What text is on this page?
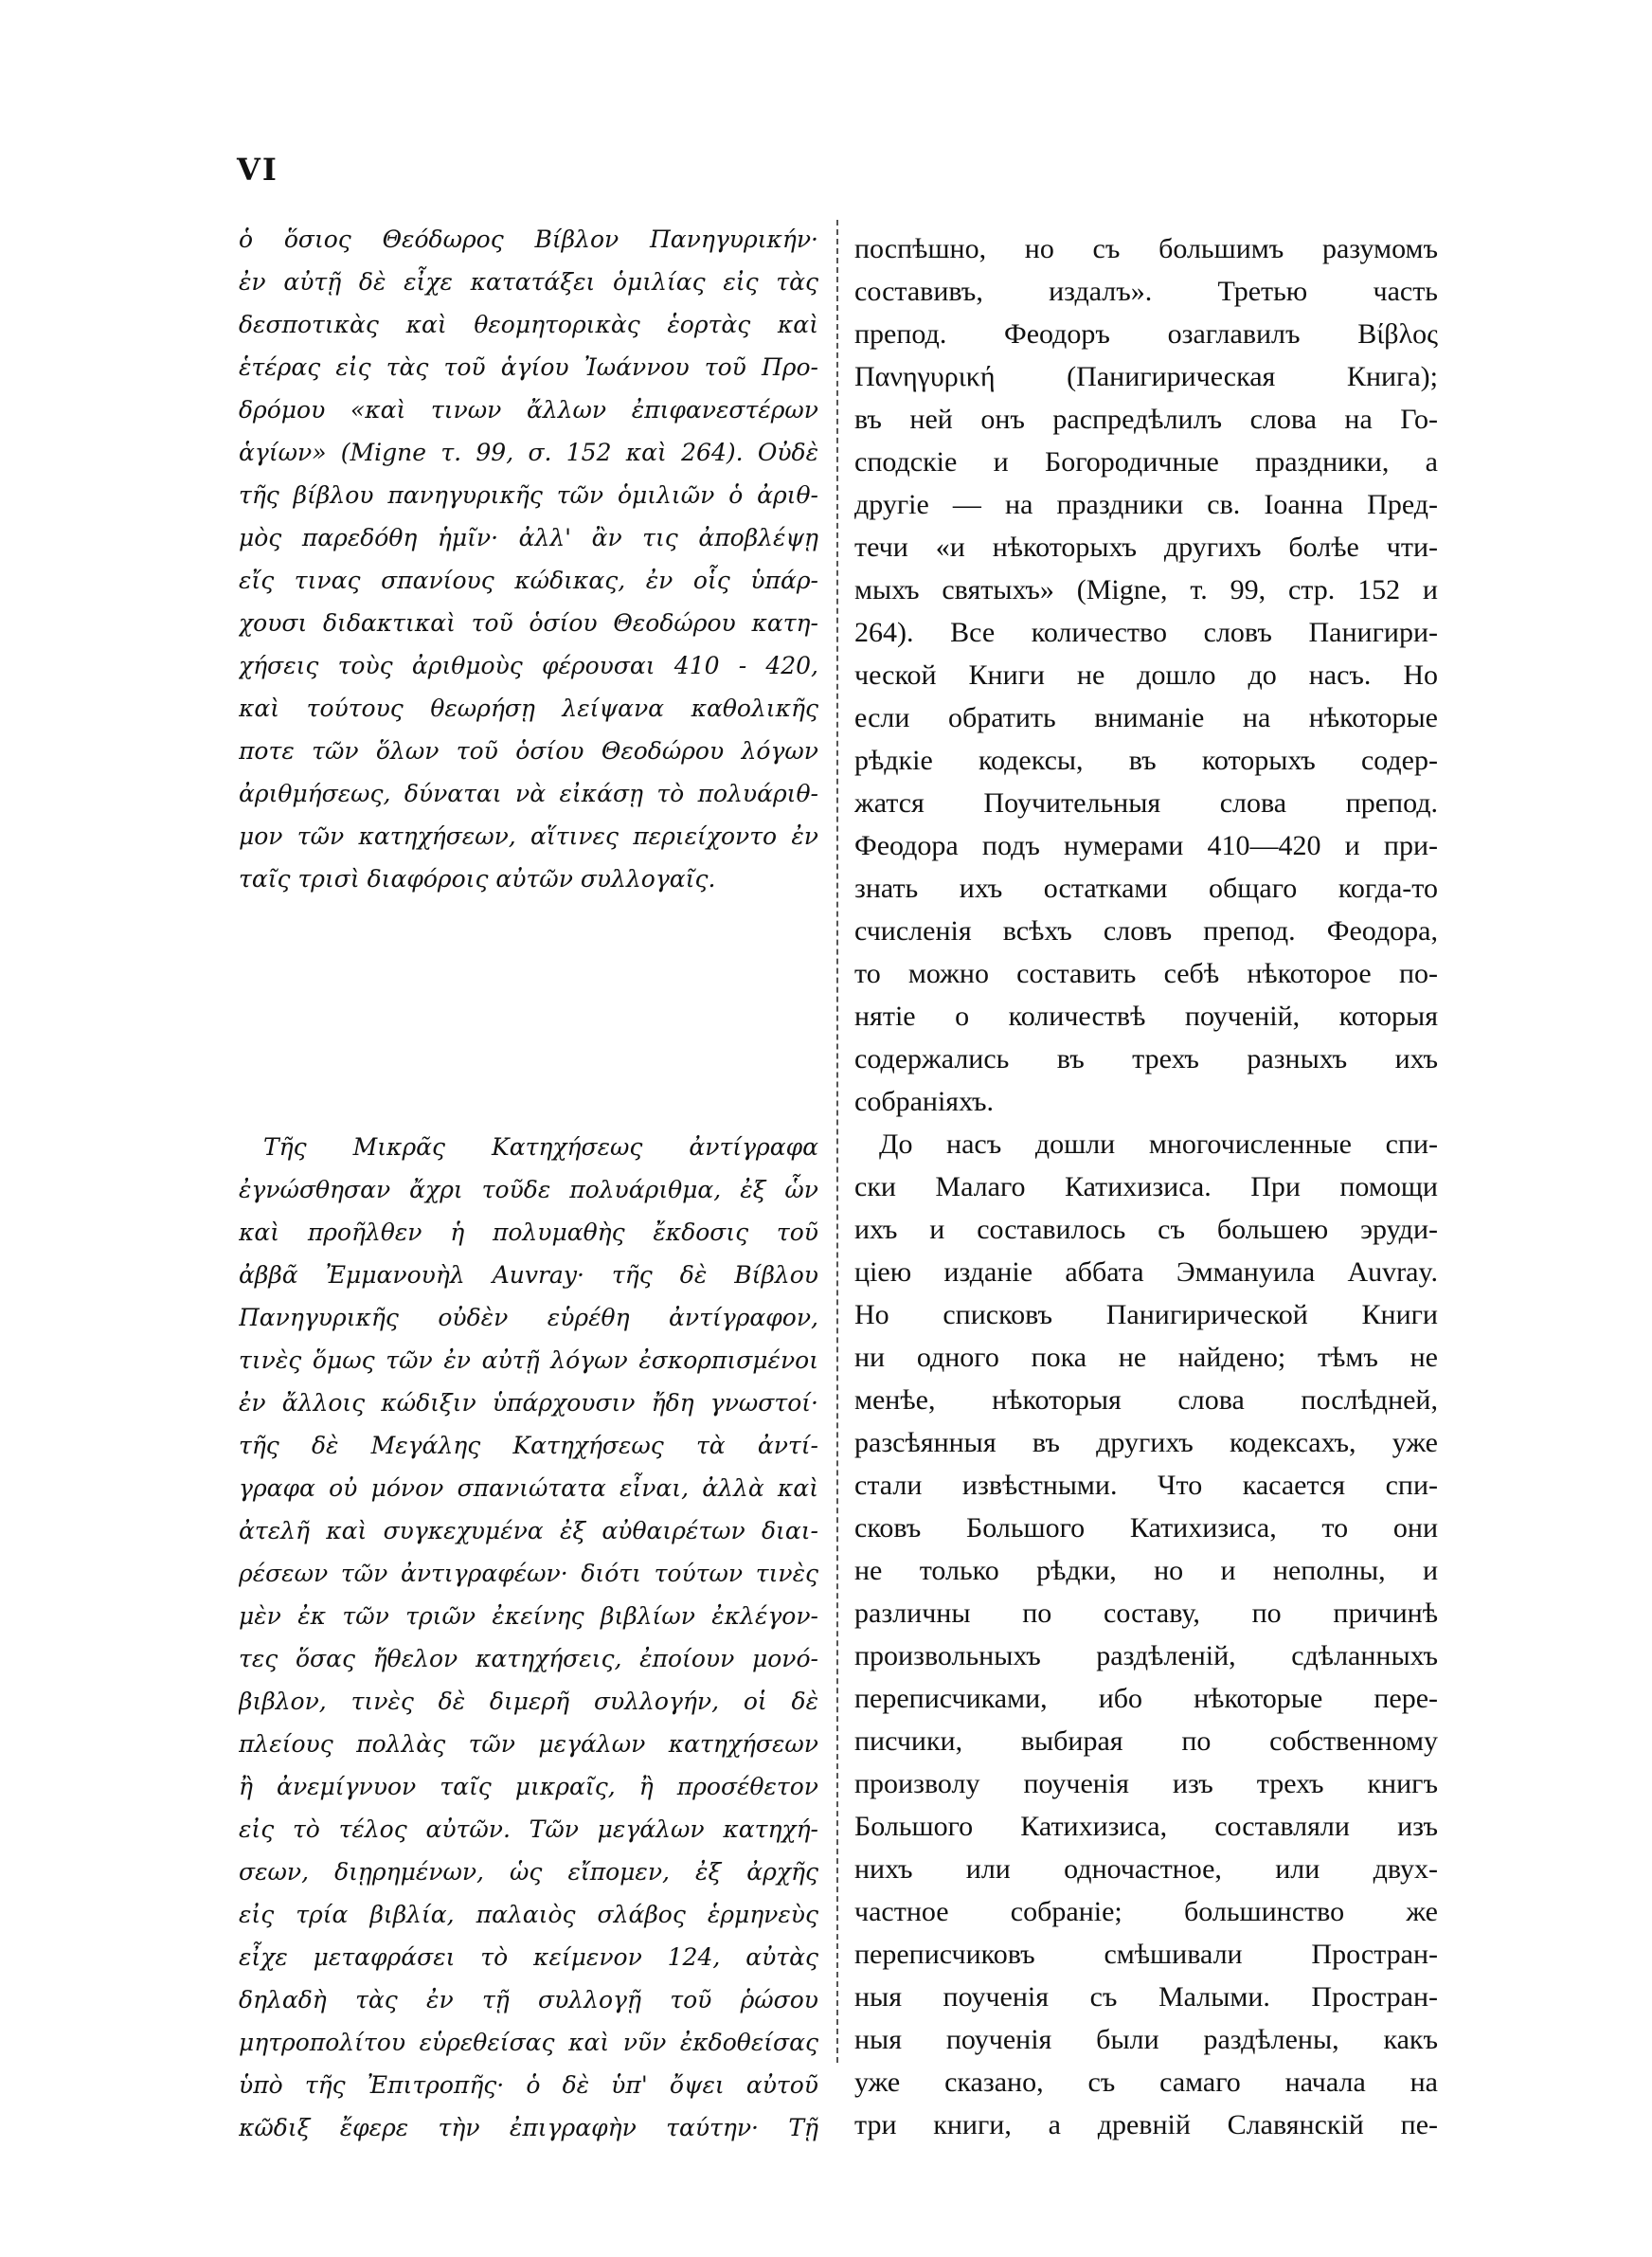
VI
ὁ ὅσιος Θεόδωρος Βίβλον Πανηγυρικήν·
ἐν αὐτῇ δὲ εἶχε κατατάξει ὁμιλίας εἰς τὰς
δεσποτικὰς καὶ θεομητορικὰς ἑορτὰς καὶ
ἑτέρας εἰς τὰς τοῦ ἁγίου Ἰωάννου τοῦ Προ-
δρόμου «καὶ τινων ἄλλων ἐπιφανεστέρων
ἁγίων» (Migne τ. 99, σ. 152 καὶ 264). Οὐδὲ
τῆς βίβλου πανηγυρικῆς τῶν ὁμιλιῶν ὁ ἀριθ-
μὸς παρεδόθη ἡμῖν· ἀλλ' ἂν τις ἀποβλέψῃ
εἴς τινας σπανίους κώδικας, ἐν οἷς ὑπάρ-
χουσι διδακτικαὶ τοῦ ὁσίου Θεοδώρου κατη-
χήσεις τοὺς ἀριθμοὺς φέρουσαι 410 - 420,
καὶ τούτους θεωρήσῃ λείψανα καθολικῆς
ποτε τῶν ὅλων τοῦ ὁσίου Θεοδώρου λόγων
ἀριθμήσεως, δύναται νὰ εἰκάσῃ τὸ πολυάριθ-
μον τῶν κατηχήσεων, αἵτινες περιείχοντο ἐν
ταῖς τρισὶ διαφόροις αὐτῶν συλλογαῖς.
Τῆς Μικρᾶς Κατηχήσεως ἀντίγραφα
ἐγνώσθησαν ἄχρι τοῦδε πολυάριθμα, ἐξ ὧν
καὶ προῆλθεν ἡ πολυμαθὴς ἔκδοσις τοῦ
ἀββᾶ Ἐμμανουὴλ Auvray· τῆς δὲ Βίβλου
Πανηγυρικῆς οὐδὲν εὑρέθη ἀντίγραφον,
τινὲς ὅμως τῶν ἐν αὐτῇ λόγων ἐσκορπισμένοι
ἐν ἄλλοις κώδιξιν ὑπάρχουσιν ἤδη γνωστοί·
τῆς δὲ Μεγάλης Κατηχήσεως τὰ ἀντί-
γραφα οὐ μόνον σπανιώτατα εἶναι, ἀλλὰ καὶ
ἀτελῆ καὶ συγκεχυμένα ἐξ αὐθαιρέτων διαι-
ρέσεων τῶν ἀντιγραφέων· διότι τούτων τινὲς
μὲν ἐκ τῶν τριῶν ἐκείνης βιβλίων ἐκλέγον-
τες ὅσας ἤθελον κατηχήσεις, ἐποίουν μονό-
βιβλον, τινὲς δὲ διμερῆ συλλογήν, οἱ δὲ
πλείους πολλὰς τῶν μεγάλων κατηχήσεων
ἢ ἀνεμίγνυον ταῖς μικραῖς, ἢ προσέθετον
εἰς τὸ τέλος αὐτῶν. Τῶν μεγάλων κατηχή-
σεων, διῃρημένων, ὡς εἴπομεν, ἐξ ἀρχῆς
εἰς τρία βιβλία, παλαιὸς σλάβος ἑρμηνεὺς
εἶχε μεταφράσει τὸ κείμενον 124, αὐτὰς
δηλαδὴ τὰς ἐν τῇ συλλογῇ τοῦ ῥώσου
μητροπολίτου εὑρεθείσας καὶ νῦν ἐκδοθείσας
ὑπὸ τῆς Ἐπιτροπῆς· ὁ δὲ ὑπ' ὄψει αὐτοῦ
κῶδιξ ἔφερε τὴν ἐπιγραφὴν ταύτην· Τῇ
поспѣшно, но съ большимъ разумомъ
составивъ, издалъ». Третью часть
препод. Феодоръ озаглавилъ Βίβλος
Πανηγυρική (Панигирическая Книга);
въ ней онъ распредѣлилъ слова на Го-
сподскіе и Богородичные праздники, а
другіе — на праздники св. Іоанна Пред-
течи «и нѣкоторыхъ другихъ болѣе чти-
мыхъ святыхъ» (Migne, т. 99, стр. 152 и
264). Все количество словъ Панигири-
ческой Книги не дошло до насъ. Но
если обратить вниманіе на нѣкоторые
рѣдкіе кодексы, въ которыхъ содер-
жатся Поучительныя слова препод.
Феодора подъ нумерами 410—420 и при-
знать ихъ остатками общаго когда-то
счисленія всѣхъ словъ препод. Феодора,
то можно составить себѣ нѣкоторое по-
нятіе о количествѣ поученій, которыя
содержались въ трехъ разныхъ ихъ
собраніяхъ.
До насъ дошли многочисленные спи-
ски Малаго Катихизиса. При помощи
ихъ и составилось съ большею эруди-
ціею изданіе аббата Эммануила Auvray.
Но списковъ Панигирической Книги
ни одного пока не найдено; тѣмъ не
менѣе, нѣкоторыя слова послѣдней,
разсѣянныя въ другихъ кодексахъ, уже
стали извѣстными. Что касается спи-
сковъ Большого Катихизиса, то они
не только рѣдки, но и неполны, и
различны по составу, по причинѣ
произвольныхъ раздѣленій, сдѣланныхъ
переписчиками, ибо нѣкоторые пере-
писчики, выбирая по собственному
произволу поученія изъ трехъ книгъ
Большого Катихизиса, составляли изъ
нихъ или одночастное, или двух-
частное собраніе; большинство же
переписчиковъ смѣшивали Простран-
ныя поученія съ Малыми. Простран-
ныя поученія были раздѣлены, какъ
уже сказано, съ самаго начала на
три книги, а древній Славянскій пе-
